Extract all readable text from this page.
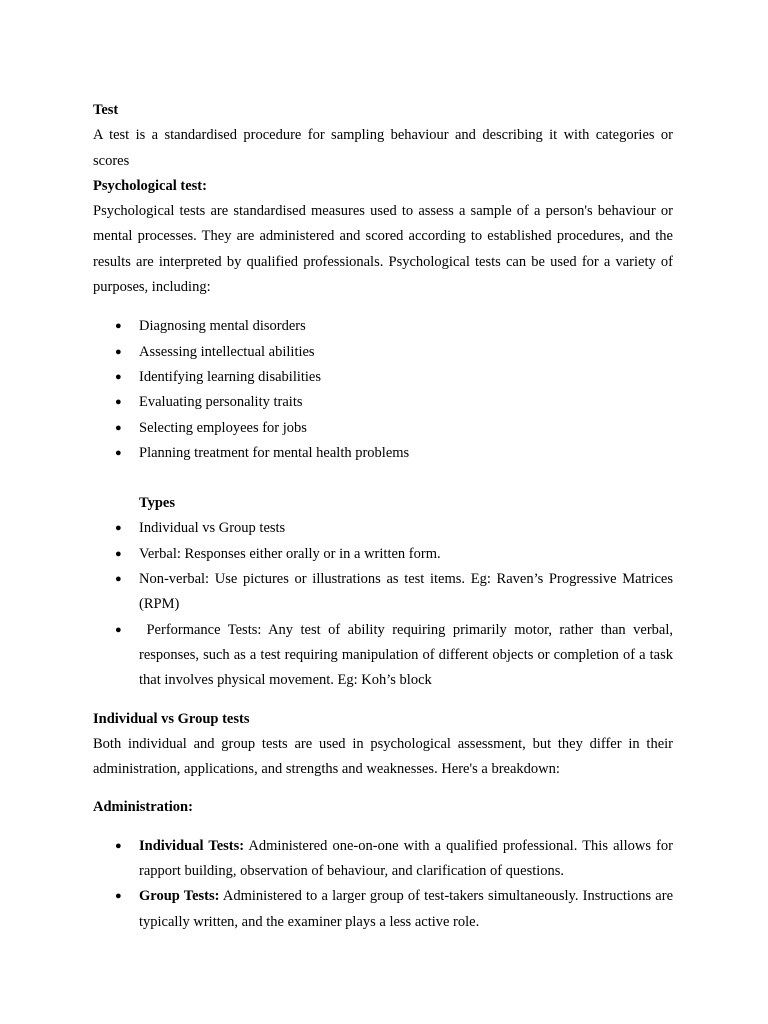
Test

A test is a standardised procedure for sampling behaviour and describing it with categories or scores

Psychological test:

Psychological tests are standardised measures used to assess a sample of a person's behaviour or mental processes. They are administered and scored according to established procedures, and the results are interpreted by qualified professionals. Psychological tests can be used for a variety of purposes, including:

● Diagnosing mental disorders
● Assessing intellectual abilities
● Identifying learning disabilities
● Evaluating personality traits
● Selecting employees for jobs
● Planning treatment for mental health problems
Types
● Individual vs Group tests
● Verbal: Responses either orally or in a written form.
● Non-verbal: Use pictures or illustrations as test items. Eg: Raven’s Progressive Matrices (RPM)
● Performance Tests: Any test of ability requiring primarily motor, rather than verbal, responses, such as a test requiring manipulation of different objects or completion of a task that involves physical movement. Eg: Koh’s block
Individual vs Group tests

Both individual and group tests are used in psychological assessment, but they differ in their administration, applications, and strengths and weaknesses. Here's a breakdown:

Administration:
● Individual Tests: Administered one-on-one with a qualified professional. This allows for rapport building, observation of behaviour, and clarification of questions.
● Group Tests: Administered to a larger group of test-takers simultaneously. Instructions are typically written, and the examiner plays a less active role.
